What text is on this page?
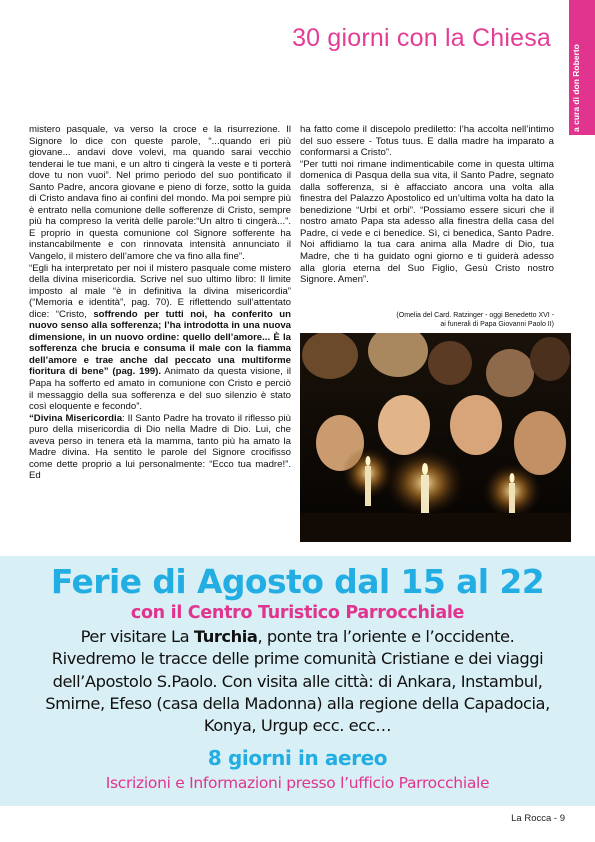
30 giorni con la Chiesa
a cura di don Roberto

mistero pasquale, va verso la croce e la risurrezione. Il Signore lo dice con queste parole, “...quando eri più giovane... andavi dove volevi, ma quando sarai vecchio tenderai le tue mani, e un altro ti cingerà la veste e ti porterà dove tu non vuoi”. Nel primo periodo del suo pontificato il Santo Padre, ancora giovane e pieno di forze, sotto la guida di Cristo andava fino ai confini del mondo. Ma poi sempre più è entrato nella comunione delle sofferenze di Cristo, sempre più ha compreso la verità delle parole:“Un altro ti cingerà...”. E proprio in questa comunione col Signore sofferente ha instancabilmente e con rinnovata intensità annunciato il Vangelo, il mistero dell’amore che va fino alla fine”.

“Egli ha interpretato per noi il mistero pasquale come mistero della divina misericordia. Scrive nel suo ultimo libro: Il limite imposto al male “è in definitiva la divina misericordia” (“Memoria e identità”, pag. 70). E riflettendo sull’attentato dice: “Cristo, soffrendo per tutti noi, ha conferito un nuovo senso alla sofferenza; l’ha introdotta in una nuova dimensione, in un nuovo ordine: quello dell’amore... È la sofferenza che brucia e consuma il male con la fiamma dell’amore e trae anche dal peccato una multiforme fioritura di bene” (pag. 199). Animato da questa visione, il Papa ha sofferto ed amato in comunione con Cristo e perciò il messaggio della sua sofferenza e del suo silenzio è stato così eloquente e fecondo”.

“Divina Misericordia: Il Santo Padre ha trovato il riflesso più puro della misericordia di Dio nella Madre di Dio. Lui, che aveva perso in tenera età la mamma, tanto più ha amato la Madre divina. Ha sentito le parole del Signore crocifisso come dette proprio a lui personalmente: “Ecco tua madre!”. Ed

ha fatto come il discepolo prediletto: l’ha accolta nell’intimo del suo essere - Totus tuus. E dalla madre ha imparato a conformarsi a Cristo”.

“Per tutti noi rimane indimenticabile come in questa ultima domenica di Pasqua della sua vita, il Santo Padre, segnato dalla sofferenza, si è affacciato ancora una volta alla finestra del Palazzo Apostolico ed un’ultima volta ha dato la benedizione “Urbi et orbi”. “Possiamo essere sicuri che il nostro amato Papa sta adesso alla finestra della casa del Padre, ci vede e ci benedice. Sì, ci benedica, Santo Padre. Noi affidiamo la tua cara anima alla Madre di Dio, tua Madre, che ti ha guidato ogni giorno e ti guiderà adesso alla gloria eterna del Suo Figlio, Gesù Cristo nostro Signore. Amen”.

(Omelia del Card. Ratzinger - oggi Benedetto XVI -
ai funerali di Papa Giovanni Paolo II)
Ferie di Agosto dal 15 al 22
con il Centro Turistico Parrocchiale
Per visitare La Turchia, ponte tra l’oriente e l’occidente.
Rivedremo le tracce delle prime comunità Cristiane e dei viaggi
dell’Apostolo S.Paolo. Con visita alle città: di Ankara, Instambul,
Smirne, Efeso (casa della Madonna) alla regione della Capadocia,
Konya, Urgup ecc. ecc…
8 giorni in aereo
Iscrizioni e Informazioni presso l’ufficio Parrocchiale
La Rocca - 9
